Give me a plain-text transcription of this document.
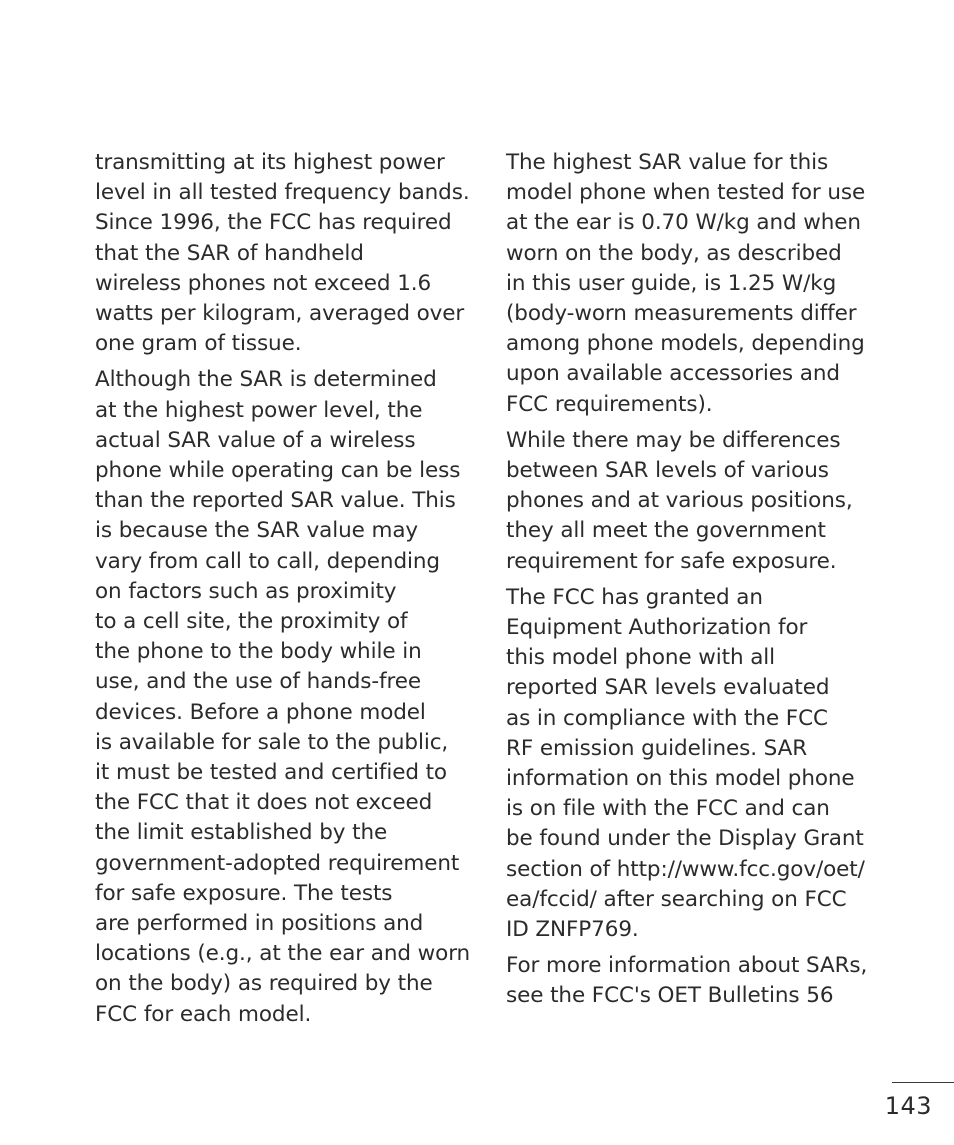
transmitting at its highest power
level in all tested frequency bands.
Since 1996, the FCC has required
that the SAR of handheld
wireless phones not exceed 1.6
watts per kilogram, averaged over
one gram of tissue.

Although the SAR is determined
at the highest power level, the
actual SAR value of a wireless
phone while operating can be less
than the reported SAR value. This
is because the SAR value may
vary from call to call, depending
on factors such as proximity
to a cell site, the proximity of
the phone to the body while in
use, and the use of hands-free
devices. Before a phone model
is available for sale to the public,
it must be tested and certified to
the FCC that it does not exceed
the limit established by the
government-adopted requirement
for safe exposure. The tests
are performed in positions and
locations (e.g., at the ear and worn
on the body) as required by the
FCC for each model.

The highest SAR value for this
model phone when tested for use
at the ear is 0.70 W/kg and when
worn on the body, as described
in this user guide, is 1.25 W/kg
(body-worn measurements differ
among phone models, depending
upon available accessories and
FCC requirements).

While there may be differences
between SAR levels of various
phones and at various positions,
they all meet the government
requirement for safe exposure.

The FCC has granted an
Equipment Authorization for
this model phone with all
reported SAR levels evaluated
as in compliance with the FCC
RF emission guidelines. SAR
information on this model phone
is on file with the FCC and can
be found under the Display Grant
section of http://www.fcc.gov/oet/
ea/fccid/ after searching on FCC
ID ZNFP769.

For more information about SARs,
see the FCC's OET Bulletins 56

143
